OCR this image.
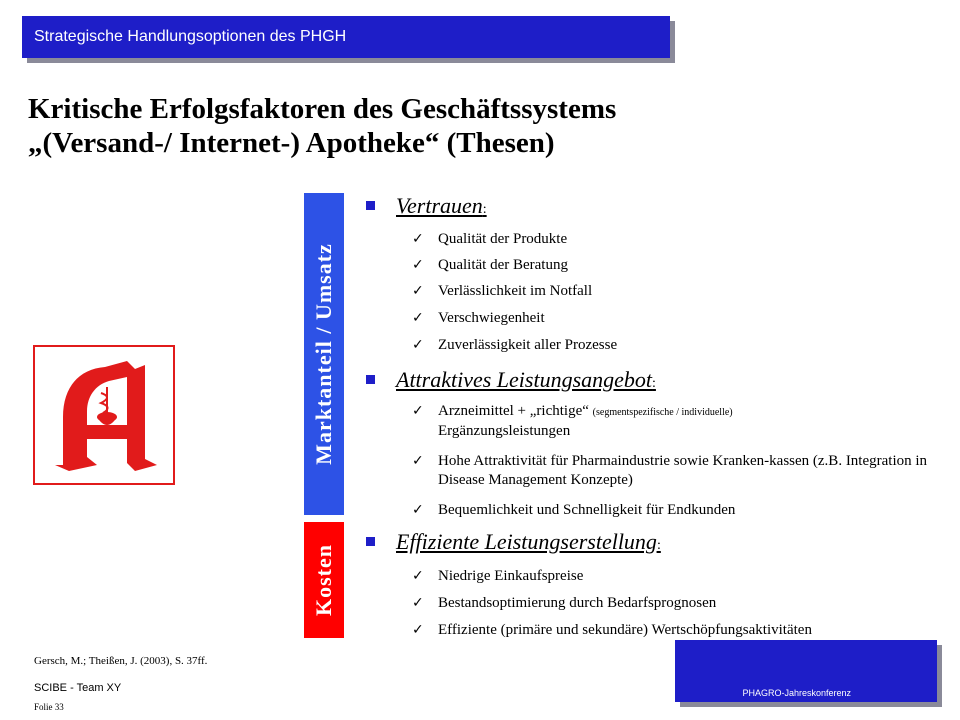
Strategische Handlungsoptionen des PHGH
Kritische Erfolgsfaktoren des Geschäftssystems
„(Versand-/ Internet-) Apotheke“ (Thesen)
Marktanteil / Umsatz
Kosten
Vertrauen:
✓ Qualität der Produkte
✓ Qualität der Beratung
✓ Verlässlichkeit im Notfall
✓ Verschwiegenheit
✓ Zuverlässigkeit aller Prozesse
Attraktives Leistungsangebot:
✓ Arzneimittel + „richtige“ (segmentspezifische / individuelle)
Ergänzungsleistungen
✓ Hohe Attraktivität für Pharmaindustrie sowie Kranken-kassen (z.B. Integration in Disease Management Konzepte)
✓ Bequemlichkeit und Schnelligkeit für Endkunden
Effiziente Leistungserstellung:
✓ Niedrige Einkaufspreise
✓ Bestandsoptimierung durch Bedarfsprognosen
✓ Effiziente (primäre und sekundäre) Wertschöpfungsaktivitäten
Gersch, M.; Theißen, J. (2003), S. 37ff.
SCIBE - Team XY
Folie 33
PHAGRO-Jahreskonferenz
